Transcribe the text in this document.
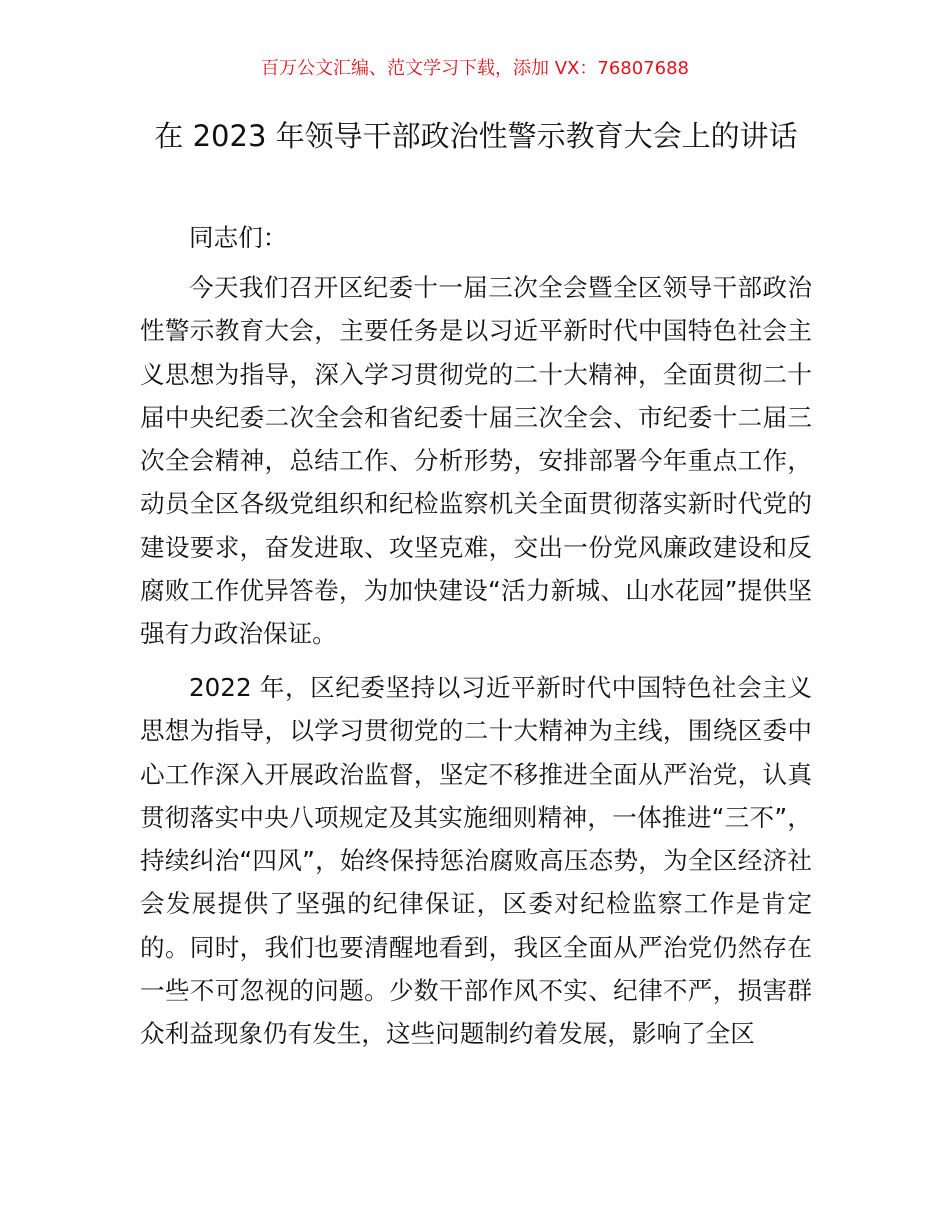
百万公文汇编、范文学习下载，添加 VX：76807688
在 2023 年领导干部政治性警示教育大会上的讲话
同志们：

今天我们召开区纪委十一届三次全会暨全区领导干部政治性警示教育大会，主要任务是以习近平新时代中国特色社会主义思想为指导，深入学习贯彻党的二十大精神，全面贯彻二十届中央纪委二次全会和省纪委十届三次全会、市纪委十二届三次全会精神，总结工作、分析形势，安排部署今年重点工作，动员全区各级党组织和纪检监察机关全面贯彻落实新时代党的建设要求，奋发进取、攻坚克难，交出一份党风廉政建设和反腐败工作优异答卷，为加快建设“活力新城、山水花园”提供坚强有力政治保证。

2022 年，区纪委坚持以习近平新时代中国特色社会主义思想为指导，以学习贯彻党的二十大精神为主线，围绕区委中心工作深入开展政治监督，坚定不移推进全面从严治党，认真贯彻落实中央八项规定及其实施细则精神，一体推进“三不”，持续纠治“四风”，始终保持惩治腐败高压态势，为全区经济社会发展提供了坚强的纪律保证，区委对纪检监察工作是肯定的。同时，我们也要清醒地看到，我区全面从严治党仍然存在一些不可忽视的问题。少数干部作风不实、纪律不严，损害群众利益现象仍有发生，这些问题制约着发展，影响了全区
